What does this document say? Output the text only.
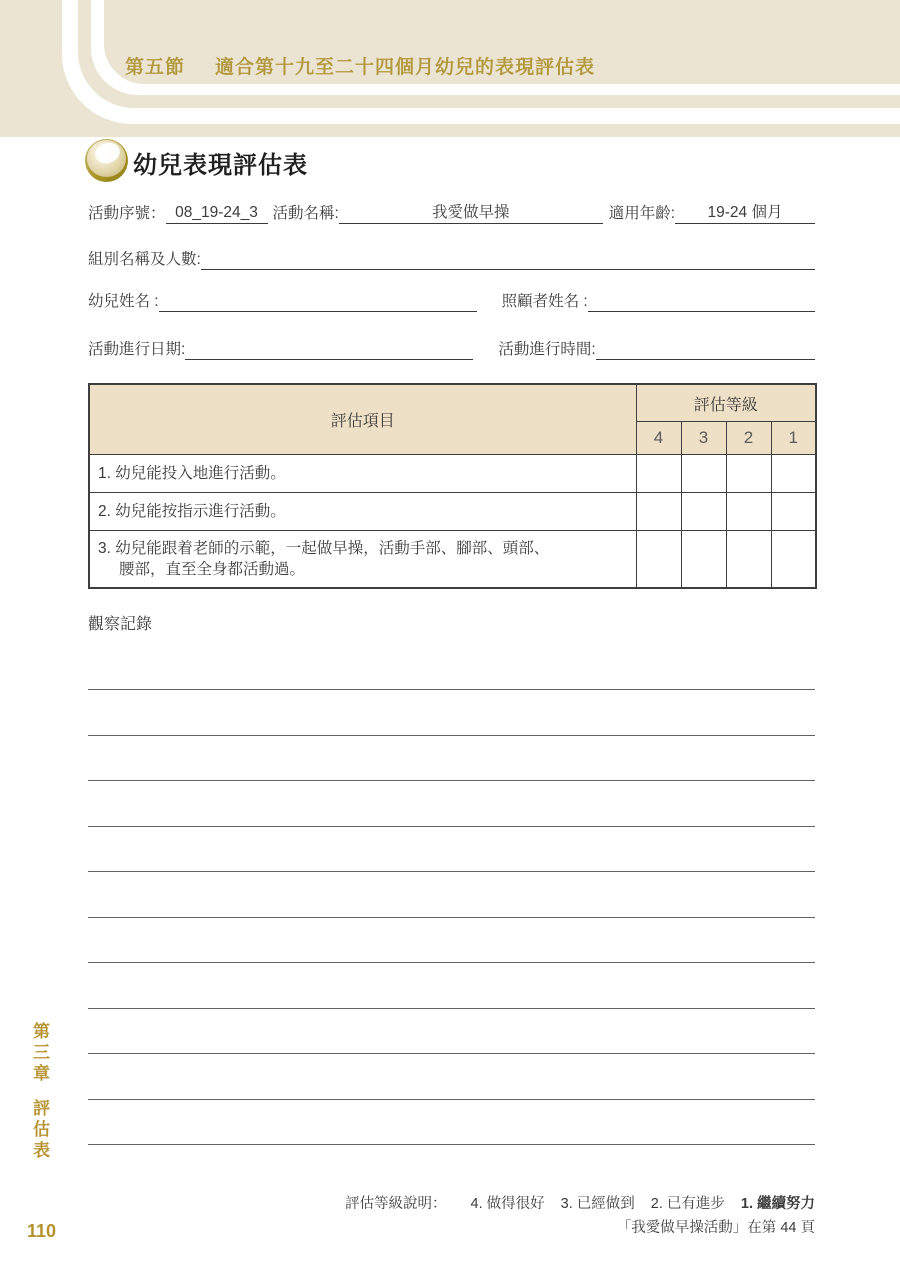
第五節 適合第十九至二十四個月幼兒的表現評估表
幼兒表現評估表
活動序號： 08_19-24_3 活動名稱:	我愛做早操	適用年齡:	19-24 個月
組別名稱及人數:
幼兒姓名 :	照顧者姓名 :
活動進行日期:	活動進行時間:
評估項目	評估等級			
	4	3	2	1
1. 幼兒能投入地進行活動。				
2. 幼兒能按指示進行活動。				

3. 幼兒能跟着老師的示範，一起做早操，活動手部、腳部、頭部、
腰部，直至全身都活動過。				

觀察記錄
第三章
評估表
110
評估等級說明： 4. 做得很好 3. 已經做到 2. 已有進步 1. 繼續努力
「我愛做早操活動」在第 44 頁
